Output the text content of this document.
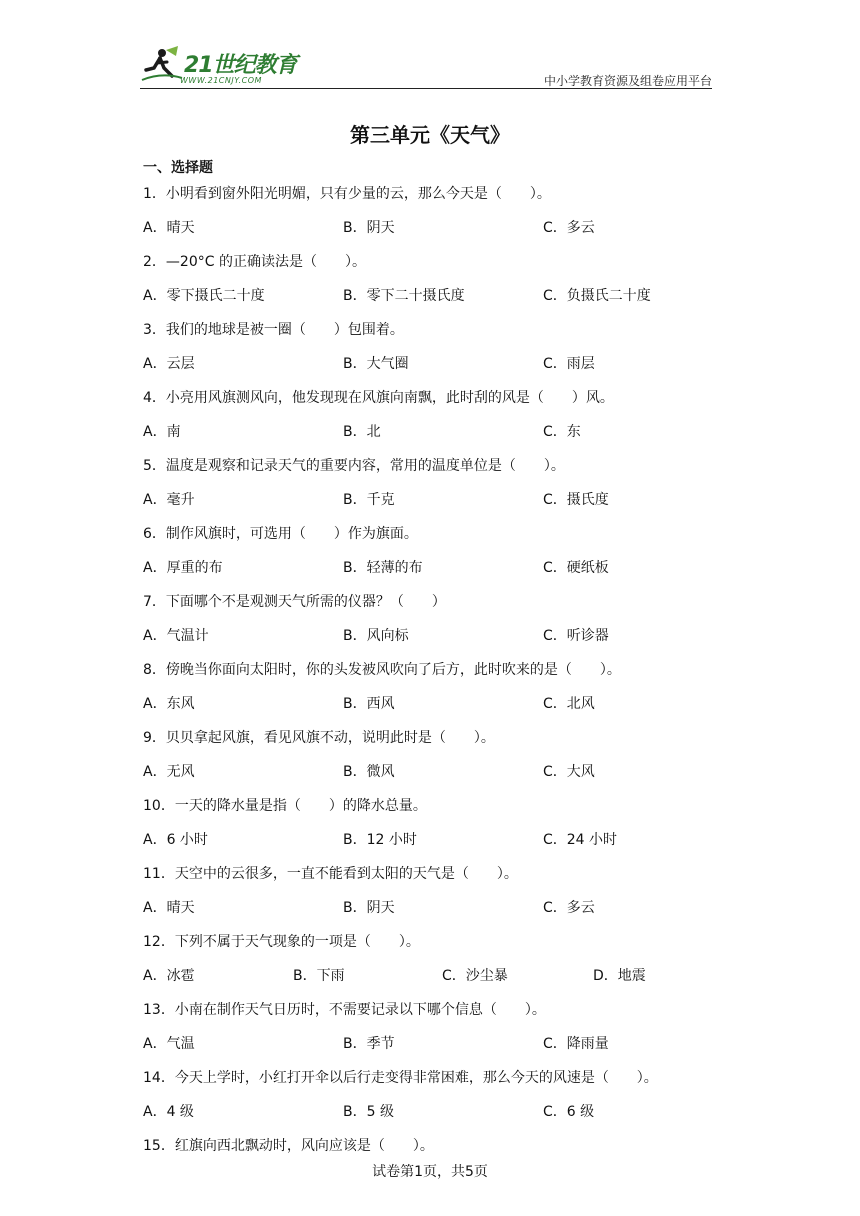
21世纪教育
WWW.21CNJY.COM	中小学教育资源及组卷应用平台
第三单元《天气》
一、选择题
1．小明看到窗外阳光明媚，只有少量的云，那么今天是（　　）。
A．晴天	B．阴天	C．多云
2．—20°C 的正确读法是（　　）。
A．零下摄氏二十度	B．零下二十摄氏度	C．负摄氏二十度
3．我们的地球是被一圈（　　）包围着。
A．云层	B．大气圈	C．雨层
4．小亮用风旗测风向，他发现现在风旗向南飘，此时刮的风是（　　）风。
A．南	B．北	C．东
5．温度是观察和记录天气的重要内容，常用的温度单位是（　　）。
A．毫升	B．千克	C．摄氏度
6．制作风旗时，可选用（　　）作为旗面。
A．厚重的布	B．轻薄的布	C．硬纸板
7．下面哪个不是观测天气所需的仪器？（　　）
A．气温计	B．风向标	C．听诊器
8．傍晚当你面向太阳时，你的头发被风吹向了后方，此时吹来的是（　　）。
A．东风	B．西风	C．北风
9．贝贝拿起风旗，看见风旗不动，说明此时是（　　）。
A．无风	B．微风	C．大风
10．一天的降水量是指（　　）的降水总量。
A．6 小时	B．12 小时	C．24 小时
11．天空中的云很多，一直不能看到太阳的天气是（　　）。
A．晴天	B．阴天	C．多云
12．下列不属于天气现象的一项是（　　）。
A．冰雹	B．下雨	C．沙尘暴	D．地震
13．小南在制作天气日历时，不需要记录以下哪个信息（　　）。
A．气温	B．季节	C．降雨量
14．今天上学时，小红打开伞以后行走变得非常困难，那么今天的风速是（　　）。
A．4 级	B．5 级	C．6 级
15．红旗向西北飘动时，风向应该是（　　）。
试卷第1页，共5页
